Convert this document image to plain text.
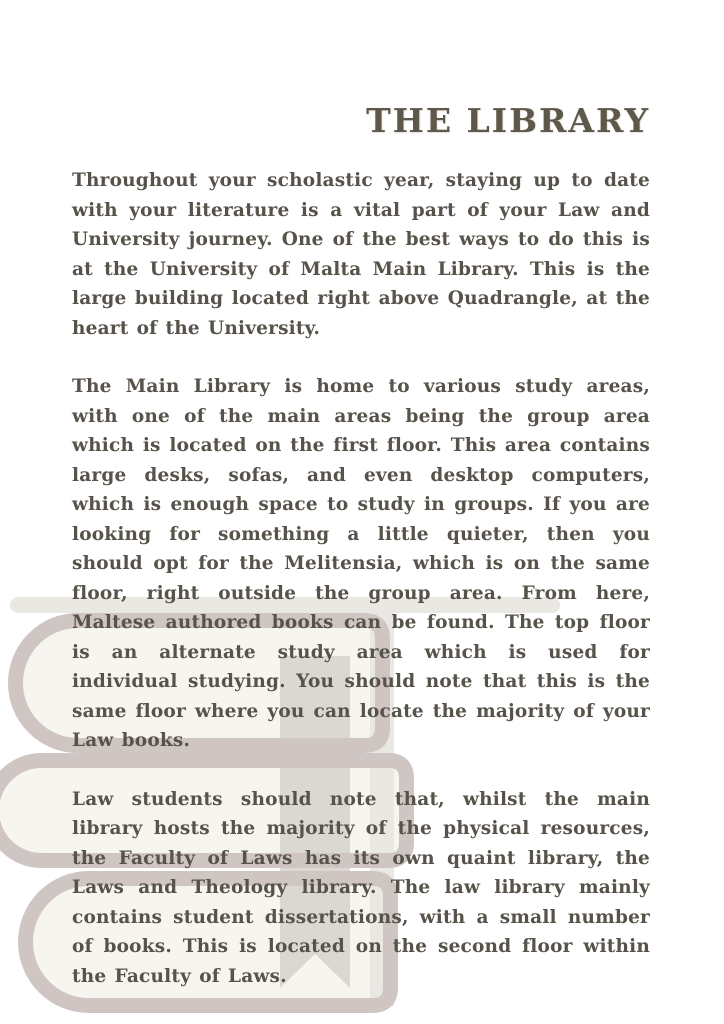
THE LIBRARY

Throughout your scholastic year, staying up to date with your literature is a vital part of your Law and University journey. One of the best ways to do this is at the University of Malta Main Library. This is the large building located right above Quadrangle, at the heart of the University.

The Main Library is home to various study areas, with one of the main areas being the group area which is located on the first floor. This area contains large desks, sofas, and even desktop computers, which is enough space to study in groups. If you are looking for something a little quieter, then you should opt for the Melitensia, which is on the same floor, right outside the group area. From here, Maltese authored books can be found. The top floor is an alternate study area which is used for individual studying. You should note that this is the same floor where you can locate the majority of your Law books.

Law students should note that, whilst the main library hosts the majority of the physical resources, the Faculty of Laws has its own quaint library, the Laws and Theology library. The law library mainly contains student dissertations, with a small number of books. This is located on the second floor within the Faculty of Laws.
